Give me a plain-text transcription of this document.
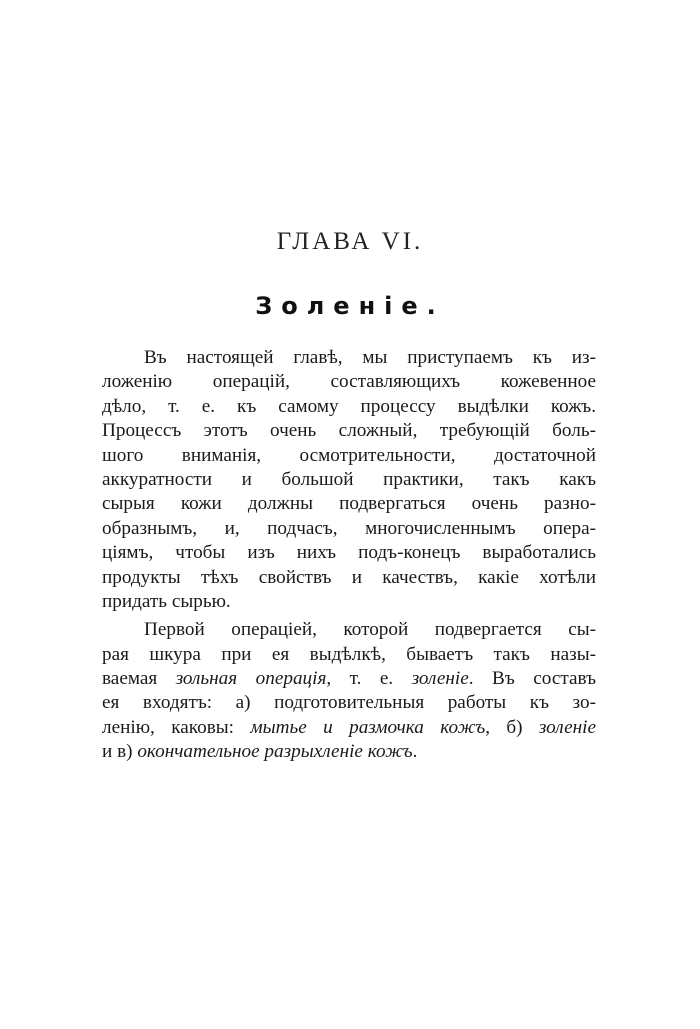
ГЛАВА VI.
Золеніе.
Въ настоящей главѣ, мы приступаемъ къ из-
ложенію операцій, составляющихъ кожевенное
дѣло, т. е. къ самому процессу выдѣлки кожъ.
Процессъ этотъ очень сложный, требующій боль-
шого вниманія, осмотрительности, достаточной
аккуратности и большой практики, такъ какъ
сырыя кожи должны подвергаться очень разно-
образнымъ, и, подчасъ, многочисленнымъ опера-
ціямъ, чтобы изъ нихъ подъ-конецъ выработались
продукты тѣхъ свойствъ и качествъ, какіе хотѣли
придать сырью.
Первой операціей, которой подвергается сы-
рая шкура при ея выдѣлкѣ, бываетъ такъ назы-
ваемая зольная операція, т. е. золеніе. Въ составъ
ея входятъ: а) подготовительныя работы къ зо-
ленію, каковы: мытье и размочка кожъ, б) золеніе
и в) окончательное разрыхленіе кожъ.
